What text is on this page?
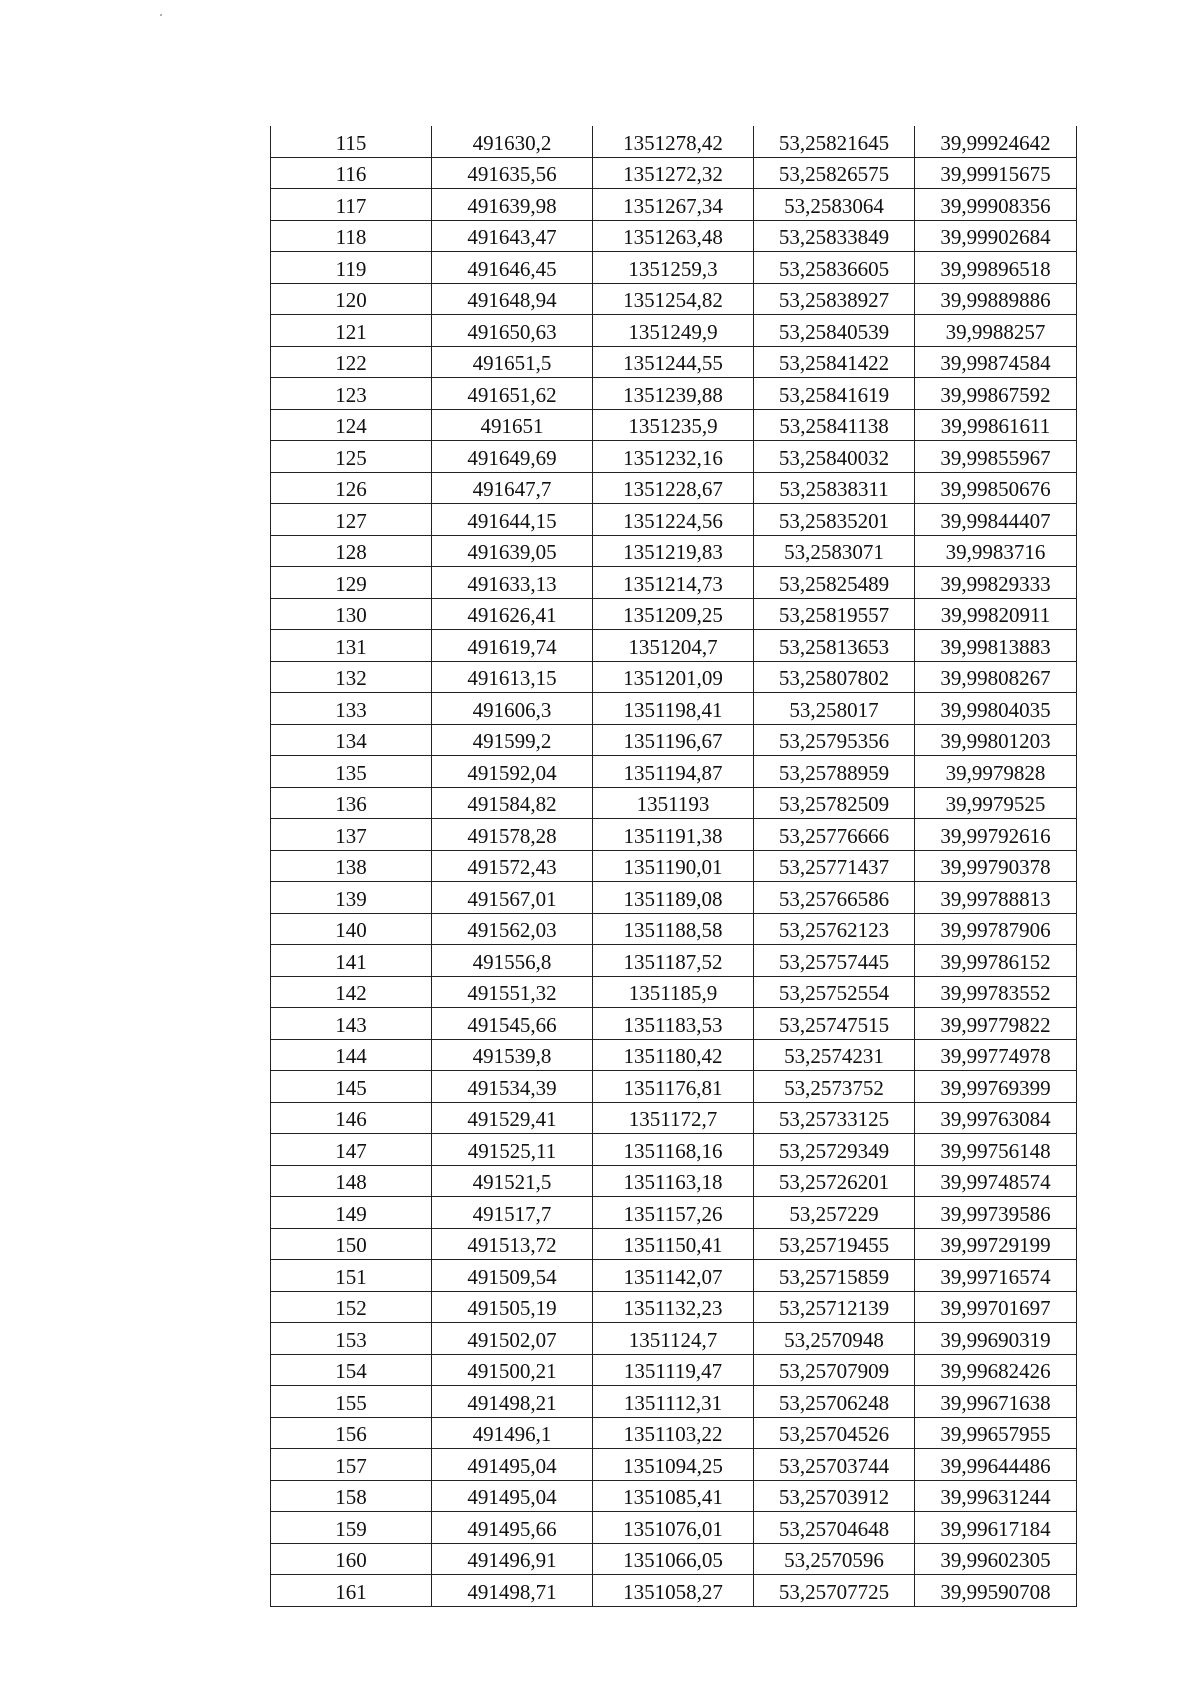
115	491630,2	1351278,42	53,25821645	39,99924642
116	491635,56	1351272,32	53,25826575	39,99915675
117	491639,98	1351267,34	53,2583064	39,99908356
118	491643,47	1351263,48	53,25833849	39,99902684
119	491646,45	1351259,3	53,25836605	39,99896518
120	491648,94	1351254,82	53,25838927	39,99889886
121	491650,63	1351249,9	53,25840539	39,9988257
122	491651,5	1351244,55	53,25841422	39,99874584
123	491651,62	1351239,88	53,25841619	39,99867592
124	491651	1351235,9	53,25841138	39,99861611
125	491649,69	1351232,16	53,25840032	39,99855967
126	491647,7	1351228,67	53,25838311	39,99850676
127	491644,15	1351224,56	53,25835201	39,99844407
128	491639,05	1351219,83	53,2583071	39,9983716
129	491633,13	1351214,73	53,25825489	39,99829333
130	491626,41	1351209,25	53,25819557	39,99820911
131	491619,74	1351204,7	53,25813653	39,99813883
132	491613,15	1351201,09	53,25807802	39,99808267
133	491606,3	1351198,41	53,258017	39,99804035
134	491599,2	1351196,67	53,25795356	39,99801203
135	491592,04	1351194,87	53,25788959	39,9979828
136	491584,82	1351193	53,25782509	39,9979525
137	491578,28	1351191,38	53,25776666	39,99792616
138	491572,43	1351190,01	53,25771437	39,99790378
139	491567,01	1351189,08	53,25766586	39,99788813
140	491562,03	1351188,58	53,25762123	39,99787906
141	491556,8	1351187,52	53,25757445	39,99786152
142	491551,32	1351185,9	53,25752554	39,99783552
143	491545,66	1351183,53	53,25747515	39,99779822
144	491539,8	1351180,42	53,2574231	39,99774978
145	491534,39	1351176,81	53,2573752	39,99769399
146	491529,41	1351172,7	53,25733125	39,99763084
147	491525,11	1351168,16	53,25729349	39,99756148
148	491521,5	1351163,18	53,25726201	39,99748574
149	491517,7	1351157,26	53,257229	39,99739586
150	491513,72	1351150,41	53,25719455	39,99729199
151	491509,54	1351142,07	53,25715859	39,99716574
152	491505,19	1351132,23	53,25712139	39,99701697
153	491502,07	1351124,7	53,2570948	39,99690319
154	491500,21	1351119,47	53,25707909	39,99682426
155	491498,21	1351112,31	53,25706248	39,99671638
156	491496,1	1351103,22	53,25704526	39,99657955
157	491495,04	1351094,25	53,25703744	39,99644486
158	491495,04	1351085,41	53,25703912	39,99631244
159	491495,66	1351076,01	53,25704648	39,99617184
160	491496,91	1351066,05	53,2570596	39,99602305
161	491498,71	1351058,27	53,25707725	39,99590708
